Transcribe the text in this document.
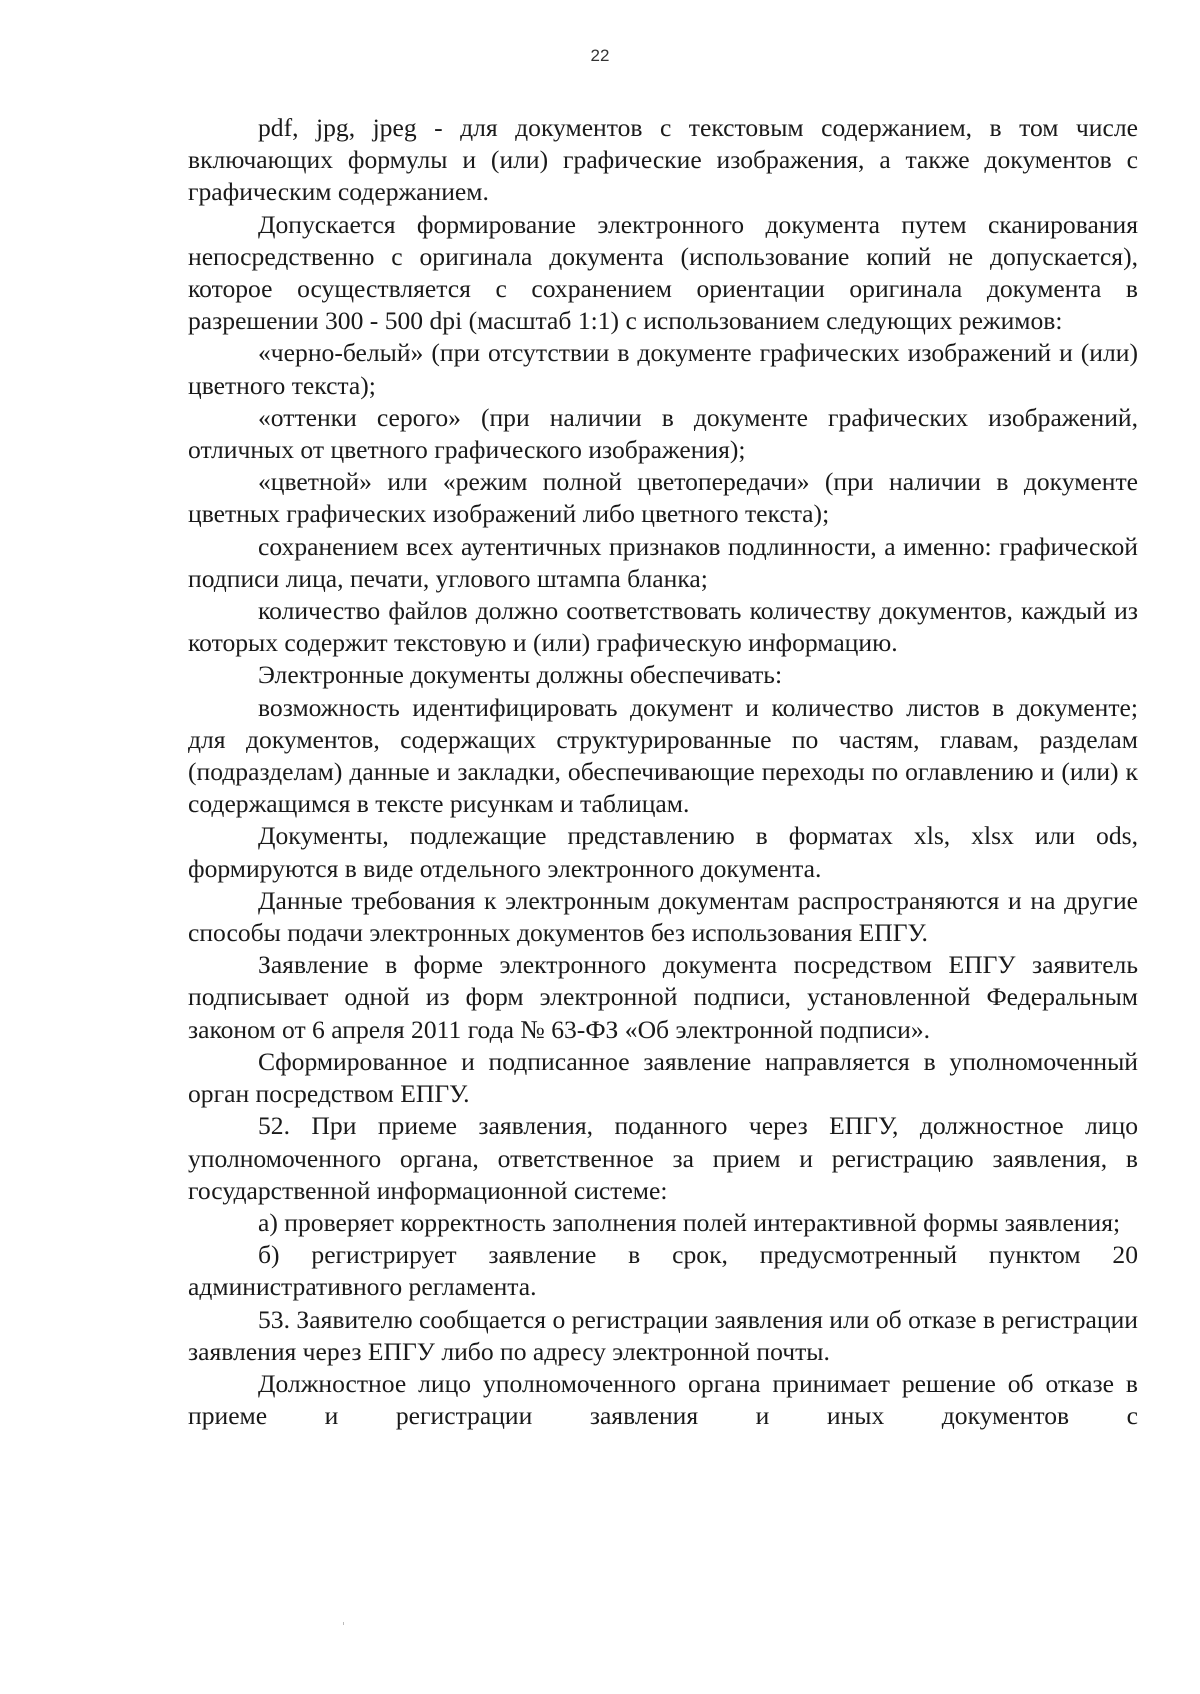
22

pdf, jpg, jpeg - для документов с текстовым содержанием, в том числе включающих формулы и (или) графические изображения, а также документов с графическим содержанием.

Допускается формирование электронного документа путем сканирования непосредственно с оригинала документа (использование копий не допускается), которое осуществляется с сохранением ориентации оригинала документа в разрешении 300 - 500 dpi (масштаб 1:1) с использованием следующих режимов:

«черно-белый» (при отсутствии в документе графических изображений и (или) цветного текста);

«оттенки серого» (при наличии в документе графических изображений, отличных от цветного графического изображения);

«цветной» или «режим полной цветопередачи» (при наличии в документе цветных графических изображений либо цветного текста);

сохранением всех аутентичных признаков подлинности, а именно: графической подписи лица, печати, углового штампа бланка;

количество файлов должно соответствовать количеству документов, каждый из которых содержит текстовую и (или) графическую информацию.

Электронные документы должны обеспечивать:

возможность идентифицировать документ и количество листов в документе; для документов, содержащих структурированные по частям, главам, разделам (подразделам) данные и закладки, обеспечивающие переходы по оглавлению и (или) к содержащимся в тексте рисункам и таблицам.

Документы, подлежащие представлению в форматах xls, xlsx или ods, формируются в виде отдельного электронного документа.

Данные требования к электронным документам распространяются и на другие способы подачи электронных документов без использования ЕПГУ.

Заявление в форме электронного документа посредством ЕПГУ заявитель подписывает одной из форм электронной подписи, установленной Федеральным законом от 6 апреля 2011 года № 63-ФЗ «Об электронной подписи».

Сформированное и подписанное заявление направляется в уполномоченный орган посредством ЕПГУ.

52. При приеме заявления, поданного через ЕПГУ, должностное лицо уполномоченного органа, ответственное за прием и регистрацию заявления, в государственной информационной системе:

а) проверяет корректность заполнения полей интерактивной формы заявления;

б) регистрирует заявление в срок, предусмотренный пунктом 20 административного регламента.

53. Заявителю сообщается о регистрации заявления или об отказе в регистрации заявления через ЕПГУ либо по адресу электронной почты.

Должностное лицо уполномоченного органа принимает решение об отказе в приеме и регистрации заявления и иных документов с
